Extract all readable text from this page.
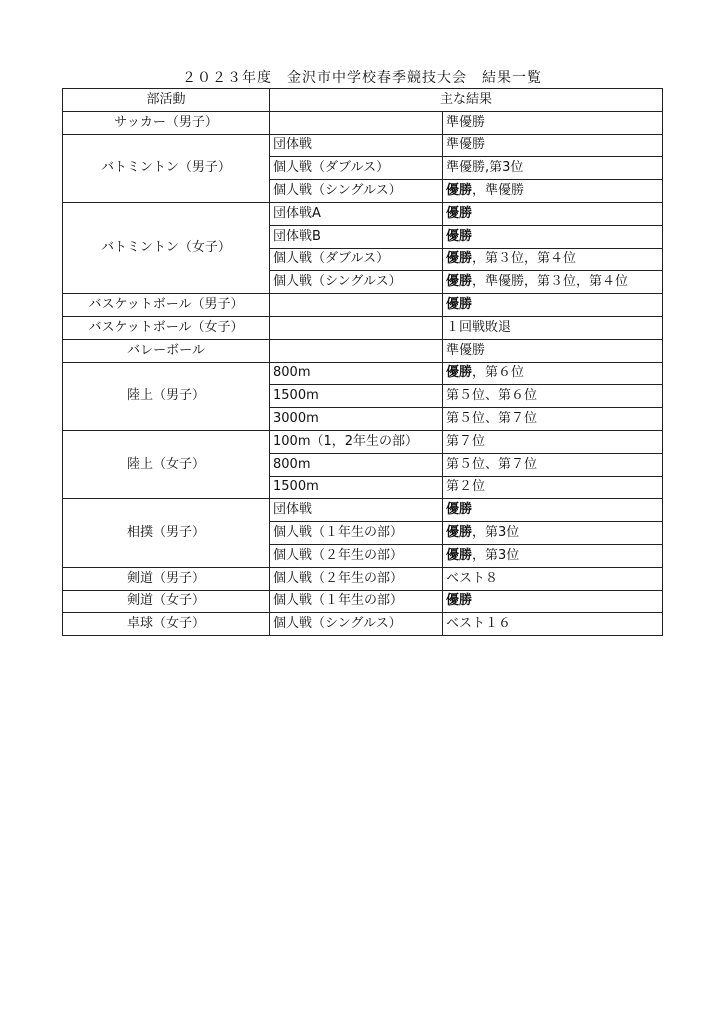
２０２３年度　金沢市中学校春季競技大会　結果一覧
部活動	主な結果	
サッカー（男子）		準優勝
バトミントン（男子）	団体戦	準優勝
	個人戦（ダブルス）	準優勝,第3位
	個人戦（シングルス）	優勝，準優勝
バトミントン（女子）	団体戦A	優勝
	団体戦B	優勝
	個人戦（ダブルス）	優勝，第３位，第４位
	個人戦（シングルス）	優勝，準優勝，第３位，第４位
バスケットボール（男子）		優勝
バスケットボール（女子）		１回戦敗退
バレーボール		準優勝
陸上（男子）	800m	優勝，第６位
	1500m	第５位、第６位
	3000m	第５位、第７位
陸上（女子）	100m（1，2年生の部）	第７位
	800m	第５位、第７位
	1500m	第２位
相撲（男子）	団体戦	優勝
	個人戦（１年生の部）	優勝，第3位
	個人戦（２年生の部）	優勝，第3位
剣道（男子）	個人戦（２年生の部）	ベスト８
剣道（女子）	個人戦（１年生の部）	優勝
卓球（女子）	個人戦（シングルス）	ベスト１６
